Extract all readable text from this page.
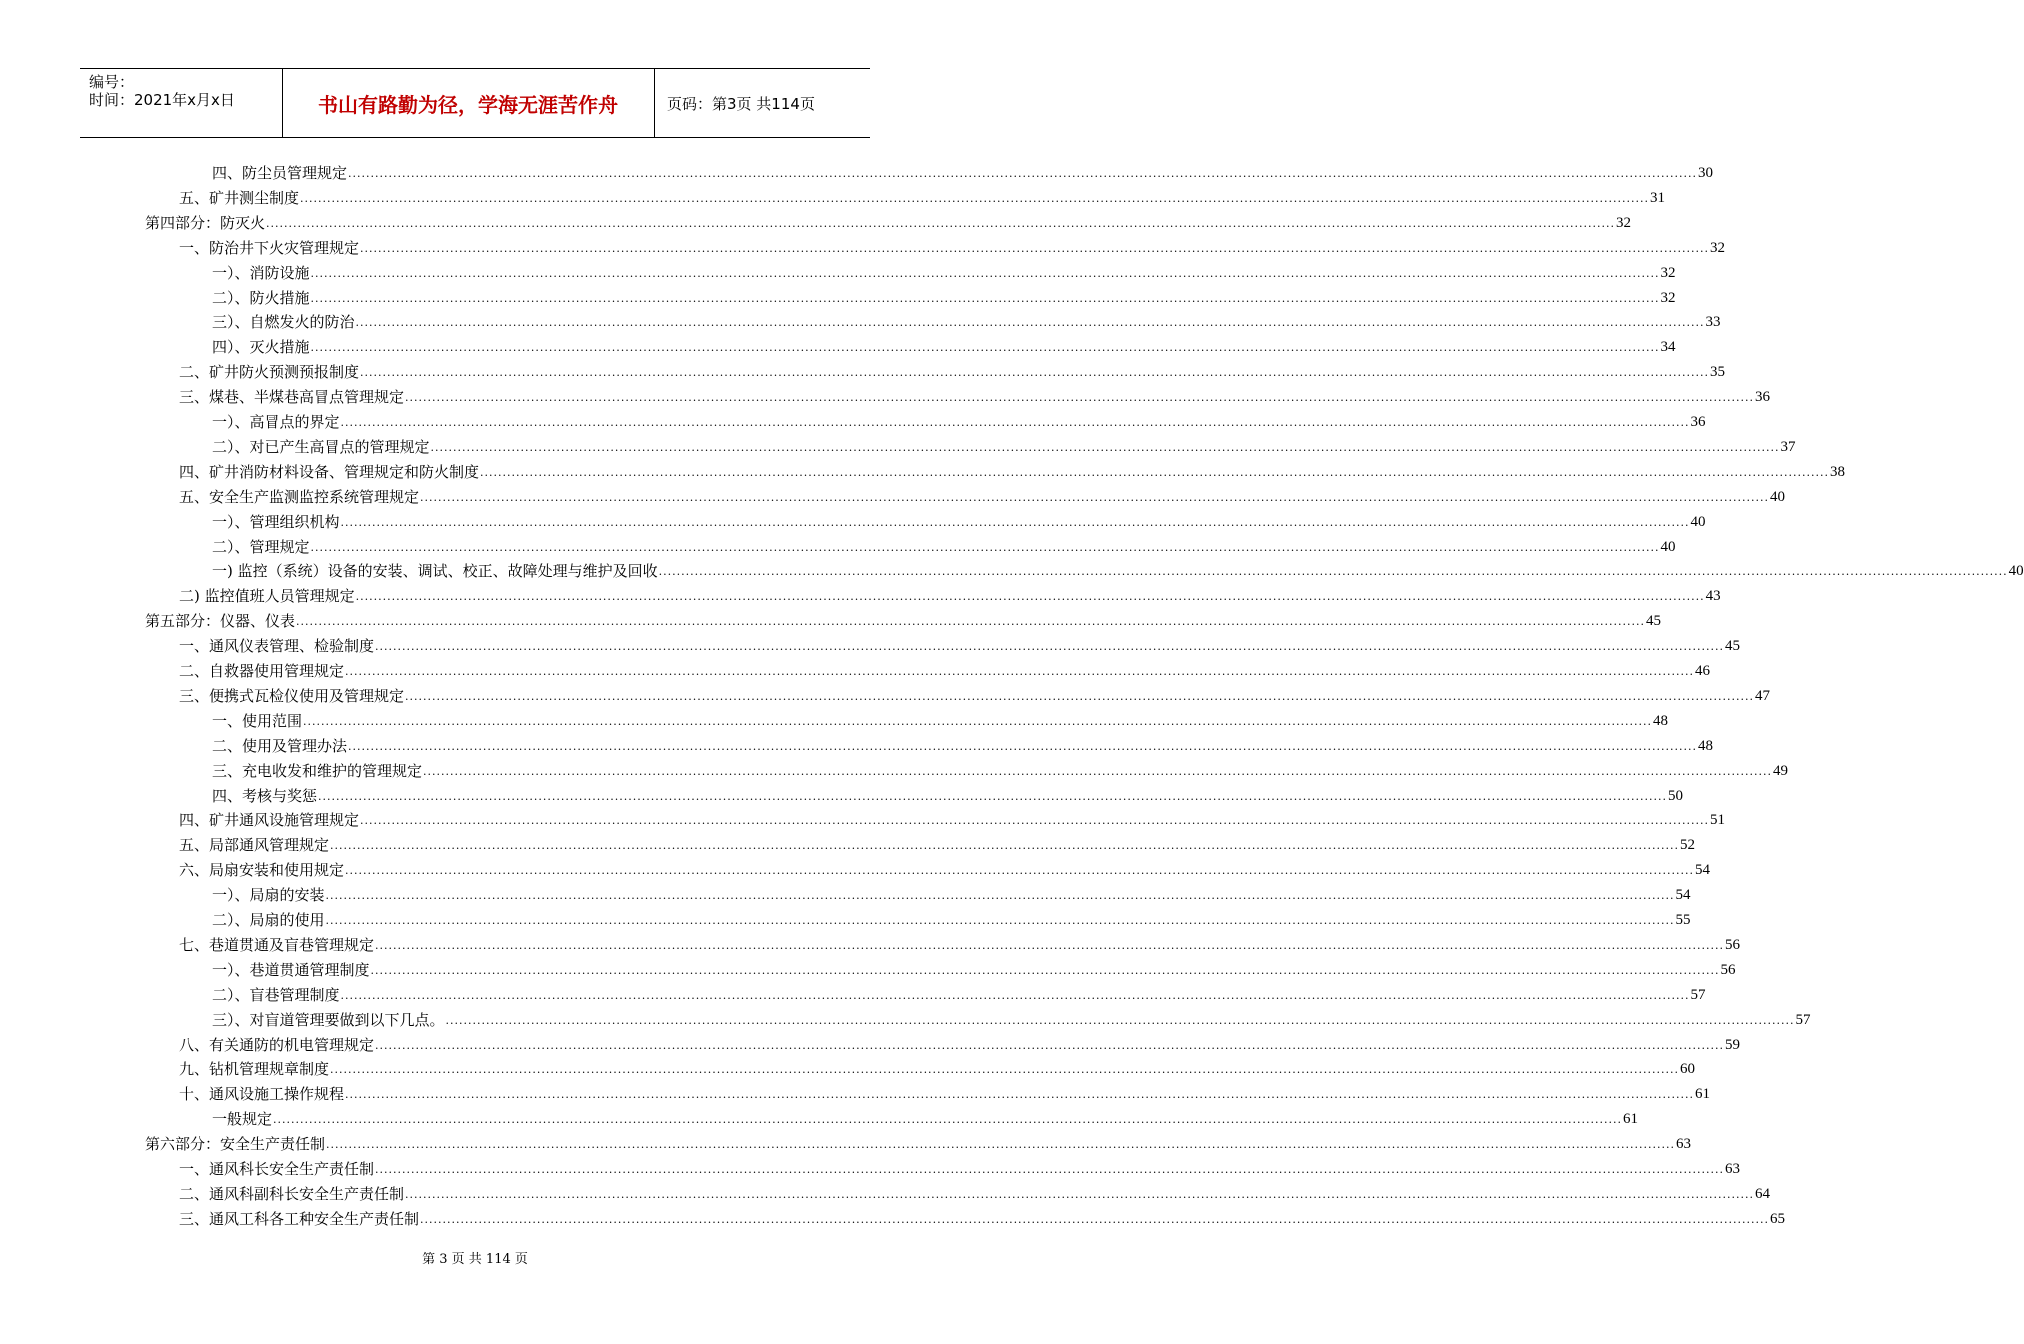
编号：
时间：2021年x月x日	书山有路勤为径，学海无涯苦作舟	页码：第3页 共114页
四、防尘员管理规定 ............................................................................................................................................................................................................................................................................................................ 30
五、矿井测尘制度 ............................................................................................................................................................................................................................................................................................................ 31
第四部分：防灭火 ............................................................................................................................................................................................................................................................................................................ 32
一、防治井下火灾管理规定 ............................................................................................................................................................................................................................................................................................................ 32
一）、消防设施 ............................................................................................................................................................................................................................................................................................................ 32
二）、防火措施 ............................................................................................................................................................................................................................................................................................................ 32
三）、自燃发火的防治 ............................................................................................................................................................................................................................................................................................................ 33
四）、灭火措施 ............................................................................................................................................................................................................................................................................................................ 34
二、矿井防火预测预报制度 ............................................................................................................................................................................................................................................................................................................ 35
三、煤巷、半煤巷高冒点管理规定 ............................................................................................................................................................................................................................................................................................................ 36
一）、高冒点的界定 ............................................................................................................................................................................................................................................................................................................ 36
二）、对已产生高冒点的管理规定 ............................................................................................................................................................................................................................................................................................................ 37
四、矿井消防材料设备、管理规定和防火制度 ............................................................................................................................................................................................................................................................................................................ 38
五、安全生产监测监控系统管理规定 ............................................................................................................................................................................................................................................................................................................ 40
一）、管理组织机构 ............................................................................................................................................................................................................................................................................................................ 40
二）、管理规定 ............................................................................................................................................................................................................................................................................................................ 40
一) 监控（系统）设备的安装、调试、校正、故障处理与维护及回收 ............................................................................................................................................................................................................................................................................................................ 40
二) 监控值班人员管理规定 ............................................................................................................................................................................................................................................................................................................ 43
第五部分：仪器、仪表 ............................................................................................................................................................................................................................................................................................................ 45
一、通风仪表管理、检验制度 ............................................................................................................................................................................................................................................................................................................ 45
二、自救器使用管理规定 ............................................................................................................................................................................................................................................................................................................ 46
三、便携式瓦检仪使用及管理规定 ............................................................................................................................................................................................................................................................................................................ 47
一、使用范围 ............................................................................................................................................................................................................................................................................................................ 48
二、使用及管理办法 ............................................................................................................................................................................................................................................................................................................ 48
三、充电收发和维护的管理规定 ............................................................................................................................................................................................................................................................................................................ 49
四、考核与奖惩 ............................................................................................................................................................................................................................................................................................................ 50
四、矿井通风设施管理规定 ............................................................................................................................................................................................................................................................................................................ 51
五、局部通风管理规定 ............................................................................................................................................................................................................................................................................................................ 52
六、局扇安装和使用规定 ............................................................................................................................................................................................................................................................................................................ 54
一）、局扇的安装 ............................................................................................................................................................................................................................................................................................................ 54
二）、局扇的使用 ............................................................................................................................................................................................................................................................................................................ 55
七、巷道贯通及盲巷管理规定 ............................................................................................................................................................................................................................................................................................................ 56
一）、巷道贯通管理制度 ............................................................................................................................................................................................................................................................................................................ 56
二）、盲巷管理制度 ............................................................................................................................................................................................................................................................................................................ 57
三）、对盲道管理要做到以下几点。 ............................................................................................................................................................................................................................................................................................................ 57
八、有关通防的机电管理规定 ............................................................................................................................................................................................................................................................................................................ 59
九、钻机管理规章制度 ............................................................................................................................................................................................................................................................................................................ 60
十、通风设施工操作规程 ............................................................................................................................................................................................................................................................................................................ 61
一般规定 ............................................................................................................................................................................................................................................................................................................ 61
第六部分：安全生产责任制 ............................................................................................................................................................................................................................................................................................................ 63
一、通风科长安全生产责任制 ............................................................................................................................................................................................................................................................................................................ 63
二、通风科副科长安全生产责任制 ............................................................................................................................................................................................................................................................................................................ 64
三、通风工科各工种安全生产责任制 ............................................................................................................................................................................................................................................................................................................ 65
第 3 页 共 114 页
